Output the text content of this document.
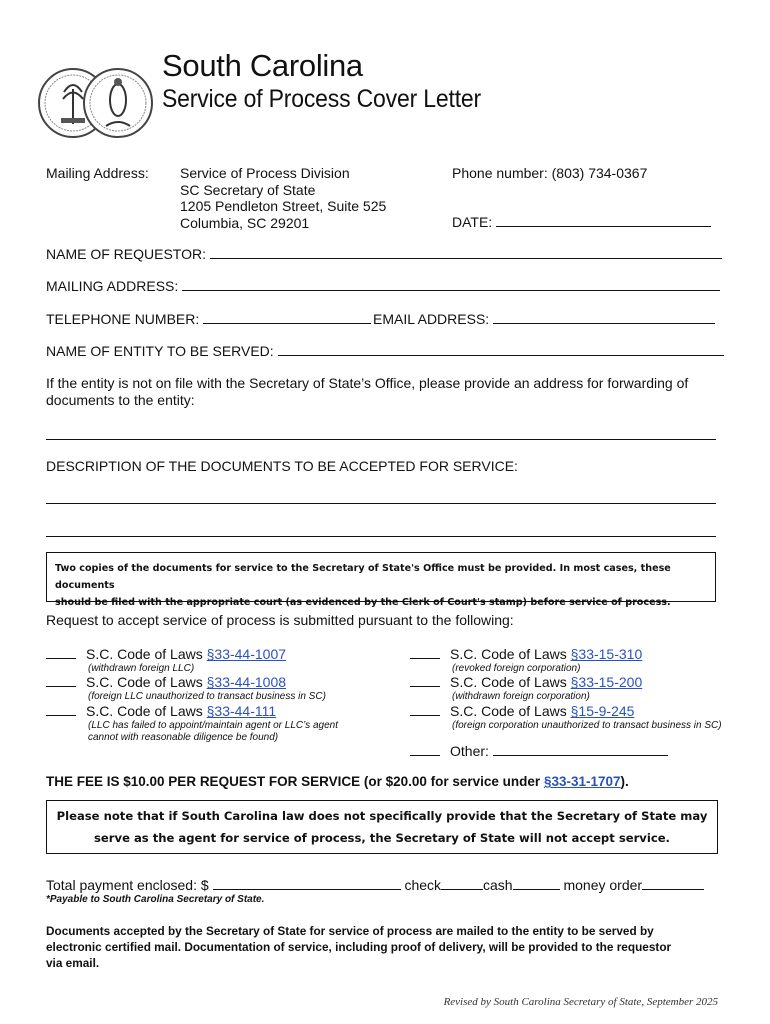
South Carolina
Service of Process Cover Letter
Mailing Address: Service of Process Division
SC Secretary of State
1205 Pendleton Street, Suite 525
Columbia, SC 29201
Phone number: (803) 734-0367
DATE:
NAME OF REQUESTOR:
MAILING ADDRESS:
TELEPHONE NUMBER:	EMAIL ADDRESS:
NAME OF ENTITY TO BE SERVED:
If the entity is not on file with the Secretary of State’s Office, please provide an address for forwarding of
documents to the entity:
DESCRIPTION OF THE DOCUMENTS TO BE ACCEPTED FOR SERVICE:
Two copies of the documents for service to the Secretary of State's Office must be provided. In most cases, these documents
should be filed with the appropriate court (as evidenced by the Clerk of Court's stamp) before service of process.
Request to accept service of process is submitted pursuant to the following:
S.C. Code of Laws §33-44-1007
(withdrawn foreign LLC)
S.C. Code of Laws §33-44-1008
(foreign LLC unauthorized to transact business in SC)
S.C. Code of Laws §33-44-111
(LLC has failed to appoint/maintain agent or LLC’s agent
cannot with reasonable diligence be found)
S.C. Code of Laws §33-15-310
(revoked foreign corporation)
S.C. Code of Laws §33-15-200
(withdrawn foreign corporation)
S.C. Code of Laws §15-9-245
(foreign corporation unauthorized to transact business in SC)
Other:
THE FEE IS $10.00 PER REQUEST FOR SERVICE (or $20.00 for service under §33-31-1707).
Please note that if South Carolina law does not specifically provide that the Secretary of State may
serve as the agent for service of process, the Secretary of State will not accept service.
Total payment enclosed: $	check	cash	money order
*Payable to South Carolina Secretary of State.
Documents accepted by the Secretary of State for service of process are mailed to the entity to be served by
electronic certified mail. Documentation of service, including proof of delivery, will be provided to the requestor
via email.
Revised by South Carolina Secretary of State, September 2025
